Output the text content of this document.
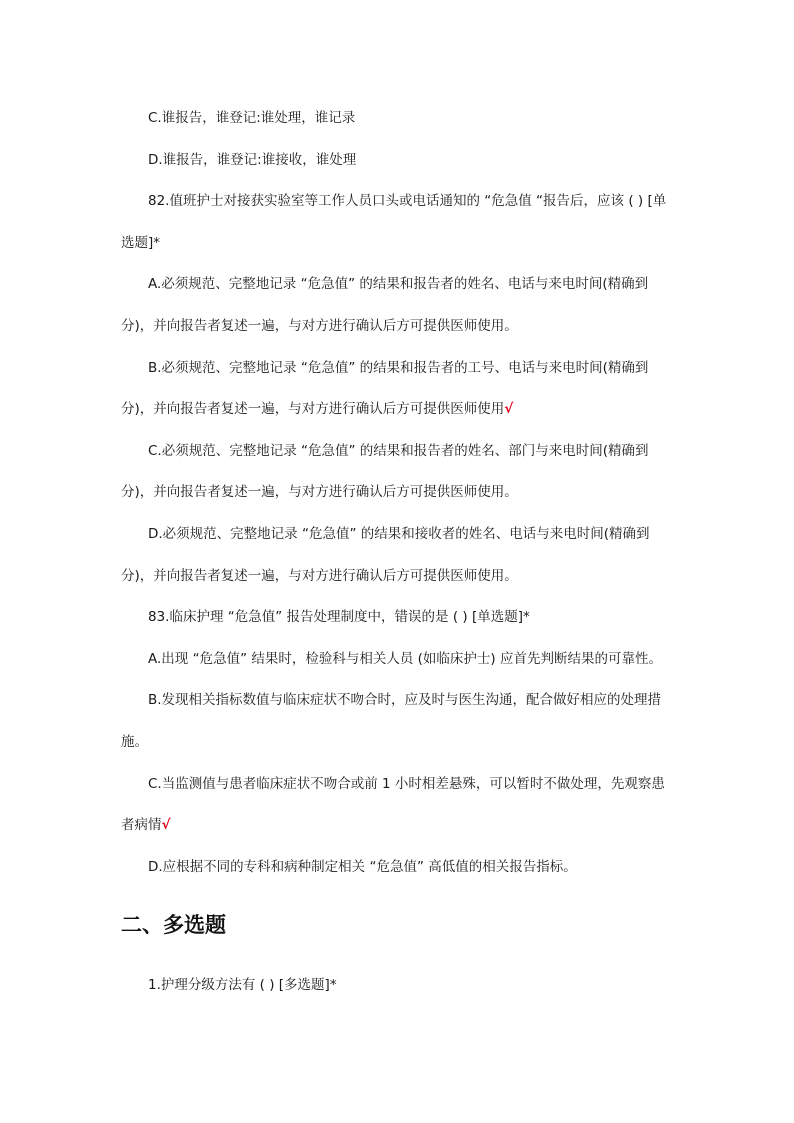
C.谁报告，谁登记:谁处理，谁记录
D.谁报告，谁登记:谁接收，谁处理
82.值班护士对接获实验室等工作人员口头或电话通知的 “危急值 “报告后，应该 ( ) [单
选题]*
A.必须规范、完整地记录 “危急值” 的结果和报告者的姓名、电话与来电时间(精确到
分)，并向报告者复述一遍，与对方进行确认后方可提供医师使用。
B.必须规范、完整地记录 “危急值” 的结果和报告者的工号、电话与来电时间(精确到
分)，并向报告者复述一遍，与对方进行确认后方可提供医师使用√
C.必须规范、完整地记录 “危急值” 的结果和报告者的姓名、部门与来电时间(精确到
分)，并向报告者复述一遍，与对方进行确认后方可提供医师使用。
D.必须规范、完整地记录 “危急值” 的结果和接收者的姓名、电话与来电时间(精确到
分)，并向报告者复述一遍，与对方进行确认后方可提供医师使用。
83.临床护理 “危急值” 报告处理制度中，错误的是 ( ) [单选题]*
A.出现 “危急值” 结果时，检验科与相关人员 (如临床护士) 应首先判断结果的可靠性。
B.发现相关指标数值与临床症状不吻合时，应及时与医生沟通，配合做好相应的处理措
施。
C.当监测值与患者临床症状不吻合或前 1 小时相差悬殊，可以暂时不做处理，先观察患
者病情√
D.应根据不同的专科和病种制定相关 “危急值” 高低值的相关报告指标。
二、多选题
1.护理分级方法有 ( ) [多选题]*
